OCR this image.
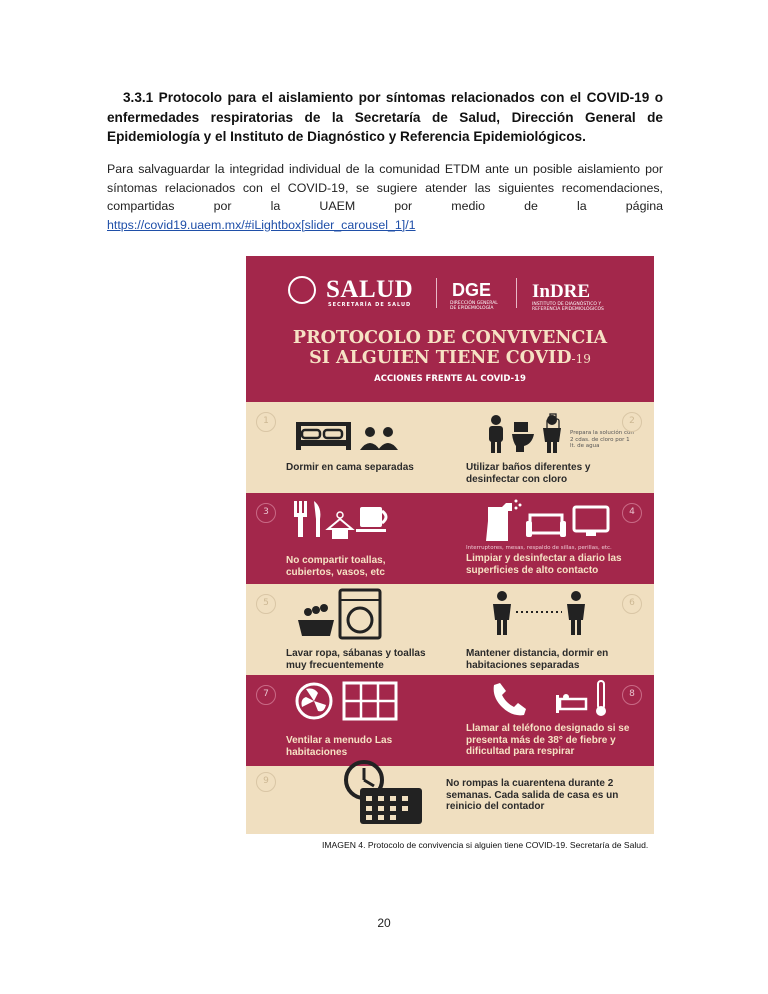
3.3.1 Protocolo para el aislamiento por síntomas relacionados con el COVID-19 o enfermedades respiratorias de la Secretaría de Salud, Dirección General de Epidemiología y el Instituto de Diagnóstico y Referencia Epidemiológicos.
Para salvaguardar la integridad individual de la comunidad ETDM ante un posible aislamiento por
síntomas relacionados con el COVID-19, se sugiere atender las siguientes recomendaciones,
compartidas por la UAEM por medio de la página
https://covid19.uaem.mx/#iLightbox[slider_carousel_1]/1
SALUD
SECRETARÍA DE SALUD
DGE
DIRECCIÓN GENERAL DE EPIDEMIOLOGÍA
InDRE
INSTITUTO DE DIAGNÓSTICO Y REFERENCIA EPIDEMIOLÓGICOS
PROTOCOLO DE CONVIVENCIA
SI ALGUIEN TIENE COVID-19
ACCIONES FRENTE AL COVID-19
1
Dormir en cama separadas
Prepara la solución con 2 cdas. de cloro por 1 lt. de agua
2
Utilizar baños diferentes y desinfectar con cloro
3
No compartir toallas, cubiertos, vasos, etc
4
Interruptores, mesas, respaldo de sillas, perillas, etc.
Limpiar y desinfectar a diario las superficies de alto contacto
5
Lavar ropa, sábanas y toallas muy frecuentemente
6
Mantener distancia, dormir en habitaciones separadas
7
Ventilar a menudo Las habitaciones
8
Llamar al teléfono designado si se presenta más de 38° de fiebre y dificultad para respirar
9	No rompas la cuarentena durante 2 semanas. Cada salida de casa es un reinicio del contador
IMAGEN 4. Protocolo de convivencia si alguien tiene COVID-19. Secretaría de Salud.
20
